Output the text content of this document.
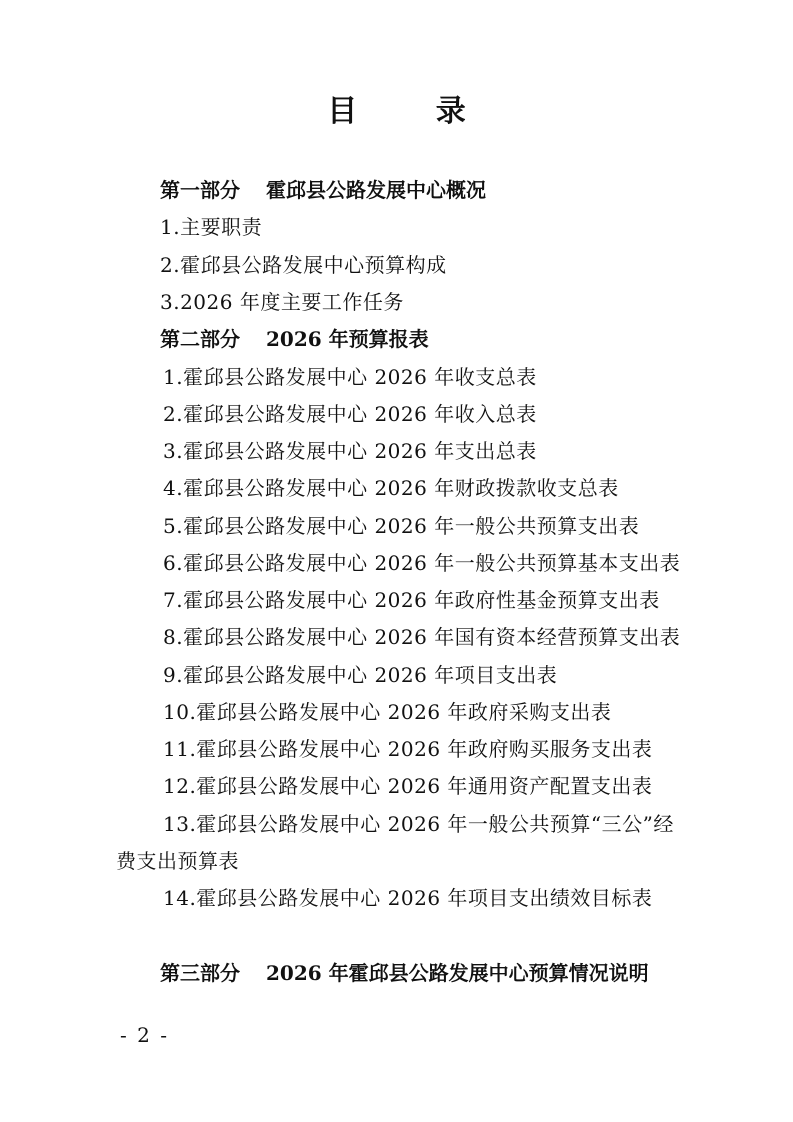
目 录
第一部分 霍邱县公路发展中心概况
1.主要职责
2.霍邱县公路发展中心预算构成
3.2026 年度主要工作任务
第二部分 2026 年预算报表
1.霍邱县公路发展中心 2026 年收支总表
2.霍邱县公路发展中心 2026 年收入总表
3.霍邱县公路发展中心 2026 年支出总表
4.霍邱县公路发展中心 2026 年财政拨款收支总表
5.霍邱县公路发展中心 2026 年一般公共预算支出表
6.霍邱县公路发展中心 2026 年一般公共预算基本支出表
7.霍邱县公路发展中心 2026 年政府性基金预算支出表
8.霍邱县公路发展中心 2026 年国有资本经营预算支出表
9.霍邱县公路发展中心 2026 年项目支出表
10.霍邱县公路发展中心 2026 年政府采购支出表
11.霍邱县公路发展中心 2026 年政府购买服务支出表
12.霍邱县公路发展中心 2026 年通用资产配置支出表
13.霍邱县公路发展中心 2026 年一般公共预算“三公”经
费支出预算表
14.霍邱县公路发展中心 2026 年项目支出绩效目标表
第三部分 2026 年霍邱县公路发展中心预算情况说明
- 2 -
